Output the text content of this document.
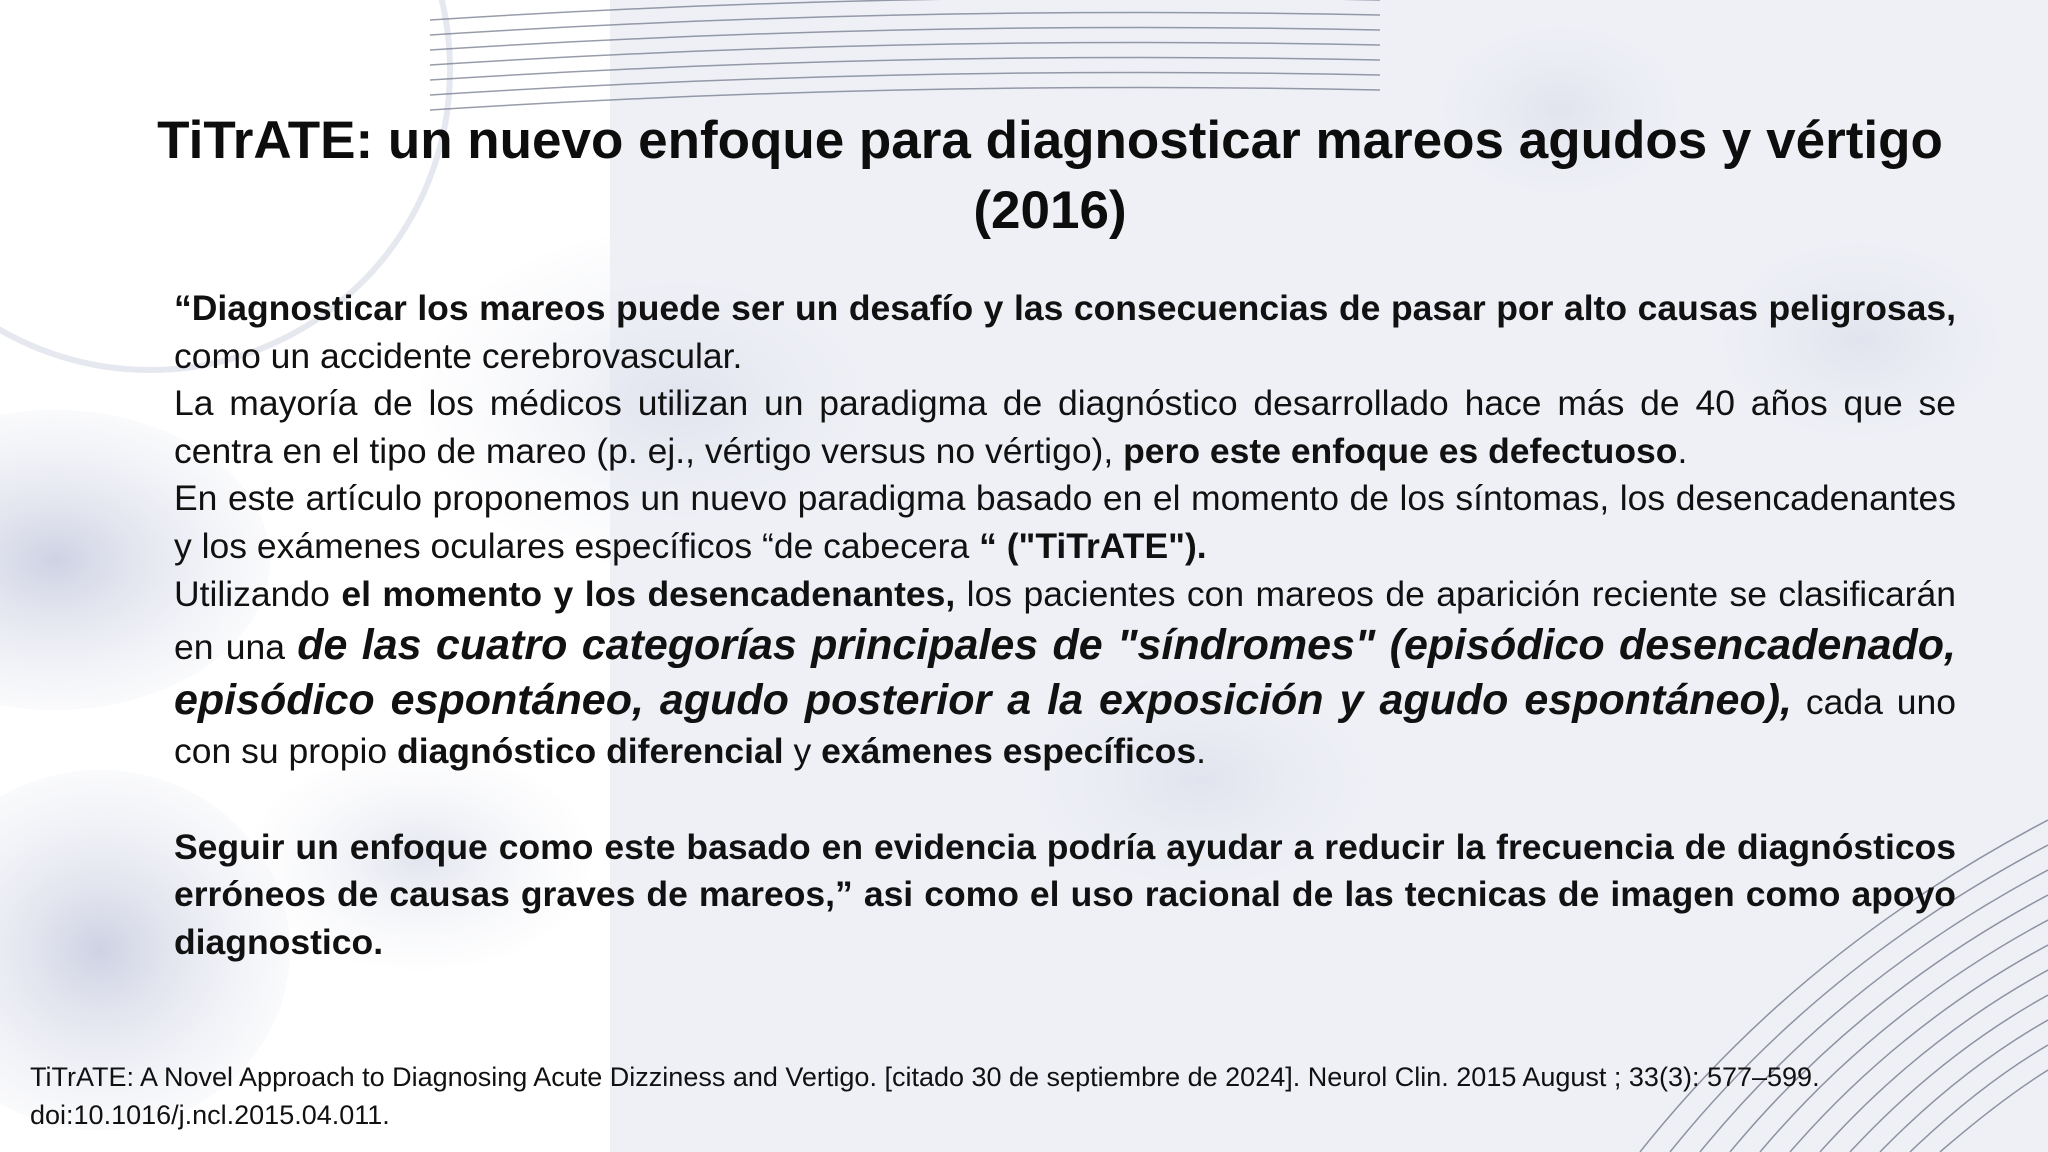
TiTrATE: un nuevo enfoque para diagnosticar mareos agudos y vértigo
(2016)

“Diagnosticar los mareos puede ser un desafío y las consecuencias de pasar por alto causas peligrosas, como un accidente cerebrovascular.

La mayoría de los médicos utilizan un paradigma de diagnóstico desarrollado hace más de 40 años que se centra en el tipo de mareo (p. ej., vértigo versus no vértigo), pero este enfoque es defectuoso.

En este artículo proponemos un nuevo paradigma basado en el momento de los síntomas, los desencadenantes y los exámenes oculares específicos “de cabecera “ ("TiTrATE").

Utilizando el momento y los desencadenantes, los pacientes con mareos de aparición reciente se clasificarán en una de las cuatro categorías principales de "síndromes" (episódico desencadenado, episódico espontáneo, agudo posterior a la exposición y agudo espontáneo), cada uno con su propio diagnóstico diferencial y exámenes específicos.

Seguir un enfoque como este basado en evidencia podría ayudar a reducir la frecuencia de diagnósticos erróneos de causas graves de mareos,” asi como el uso racional de las tecnicas de imagen como apoyo diagnostico.

TiTrATE: A Novel Approach to Diagnosing Acute Dizziness and Vertigo. [citado 30 de septiembre de 2024]. Neurol Clin. 2015 August ; 33(3): 577–599.
doi:10.1016/j.ncl.2015.04.011.
